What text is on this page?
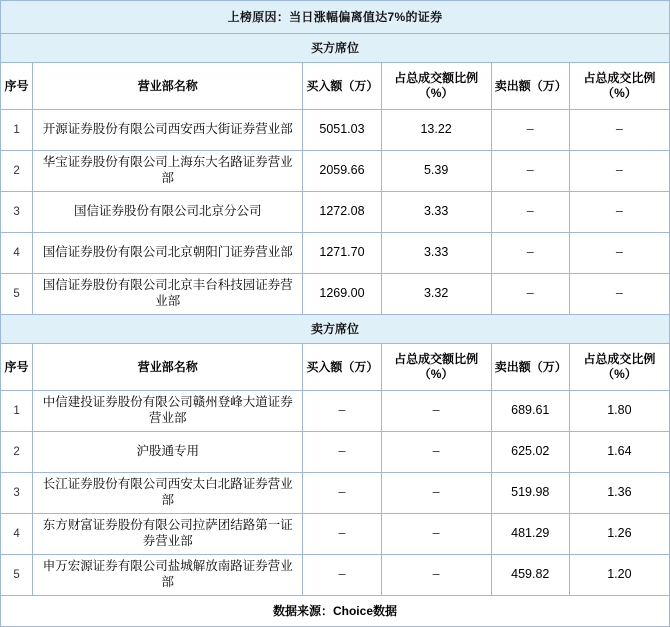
上榜原因：当日涨幅偏离值达7%的证券					
买方席位					
序号	营业部名称	买入额（万）	占总成交额比例（%）	卖出额（万）	占总成交比例（%）
1	开源证券股份有限公司西安西大街证券营业部	5051.03	13.22	–	–
2	华宝证券股份有限公司上海东大名路证券营业部	2059.66	5.39	–	–
3	国信证券股份有限公司北京分公司	1272.08	3.33	–	–
4	国信证券股份有限公司北京朝阳门证券营业部	1271.70	3.33	–	–
5	国信证券股份有限公司北京丰台科技园证券营业部	1269.00	3.32	–	–
卖方席位					
序号	营业部名称	买入额（万）	占总成交额比例（%）	卖出额（万）	占总成交比例（%）
1	中信建投证券股份有限公司赣州登峰大道证券营业部	–	–	689.61	1.80
2	沪股通专用	–	–	625.02	1.64
3	长江证券股份有限公司西安太白北路证券营业部	–	–	519.98	1.36
4	东方财富证券股份有限公司拉萨团结路第一证券营业部	–	–	481.29	1.26
5	申万宏源证券有限公司盐城解放南路证券营业部	–	–	459.82	1.20
数据来源：Choice数据					
